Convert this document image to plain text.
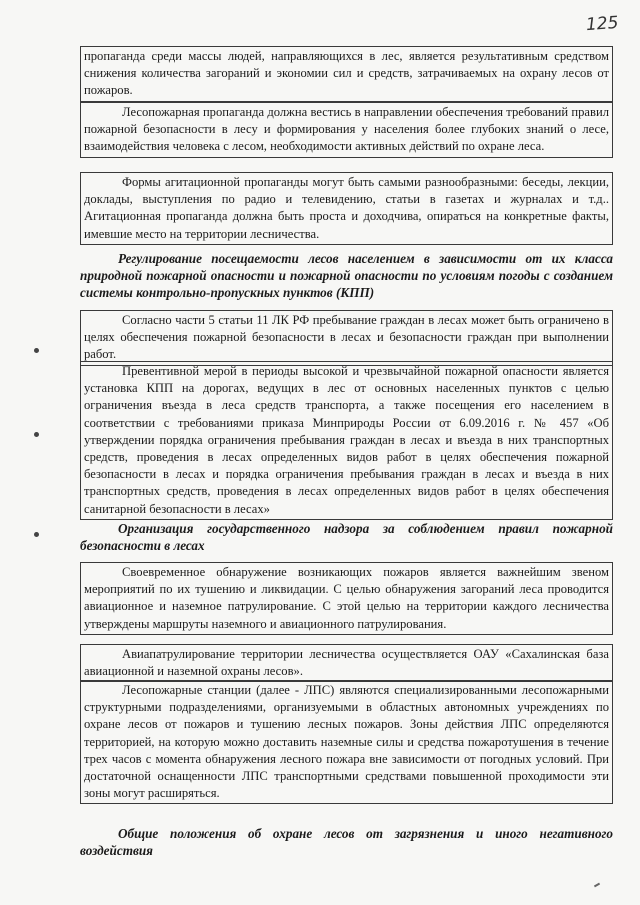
125

пропаганда среди массы людей, направляющихся в лес, является результативным средством снижения количества загораний и экономии сил и средств, затрачиваемых на охрану лесов от пожаров.

Лесопожарная пропаганда должна вестись в направлении обеспечения требований правил пожарной безопасности в лесу и формирования у населения более глубоких знаний о лесе, взаимодействия человека с лесом, необходимости активных действий по охране леса.

Формы агитационной пропаганды могут быть самыми разнообразными: беседы, лекции, доклады, выступления по радио и телевидению, статьи в газетах и журналах и т.д.. Агитационная пропаганда должна быть проста и доходчива, опираться на конкретные факты, имевшие место на территории лесничества.

Регулирование посещаемости лесов населением в зависимости от их класса природной пожарной опасности и пожарной опасности по условиям погоды с созданием системы контрольно-пропускных пунктов (КПП)

Согласно части 5 статьи 11 ЛК РФ пребывание граждан в лесах может быть ограничено в целях обеспечения пожарной безопасности в лесах и безопасности граждан при выполнении работ.

Превентивной мерой в периоды высокой и чрезвычайной пожарной опасности является установка КПП на дорогах, ведущих в лес от основных населенных пунктов с целью ограничения въезда в леса средств транспорта, а также посещения его населением в соответствии с требованиями приказа Минприроды России от 6.09.2016 г. № 457 «Об утверждении порядка ограничения пребывания граждан в лесах и въезда в них транспортных средств, проведения в лесах определенных видов работ в целях обеспечения пожарной безопасности в лесах и порядка ограничения пребывания граждан в лесах и въезда в них транспортных средств, проведения в лесах определенных видов работ в целях обеспечения санитарной безопасности в лесах»

Организация государственного надзора за соблюдением правил пожарной безопасности в лесах

Своевременное обнаружение возникающих пожаров является важнейшим звеном мероприятий по их тушению и ликвидации. С целью обнаружения загораний леса проводится авиационное и наземное патрулирование. С этой целью на территории каждого лесничества утверждены маршруты наземного и авиационного патрулирования.

Авиапатрулирование территории лесничества осуществляется ОАУ «Сахалинская база авиационной и наземной охраны лесов».

Лесопожарные станции (далее - ЛПС) являются специализированными лесопожарными структурными подразделениями, организуемыми в областных автономных учреждениях по охране лесов от пожаров и тушению лесных пожаров. Зоны действия ЛПС определяются территорией, на которую можно доставить наземные силы и средства пожаротушения в течение трех часов с момента обнаружения лесного пожара вне зависимости от погодных условий. При достаточной оснащенности ЛПС транспортными средствами повышенной проходимости эти зоны могут расширяться.

Общие положения об охране лесов от загрязнения и иного негативного воздействия
